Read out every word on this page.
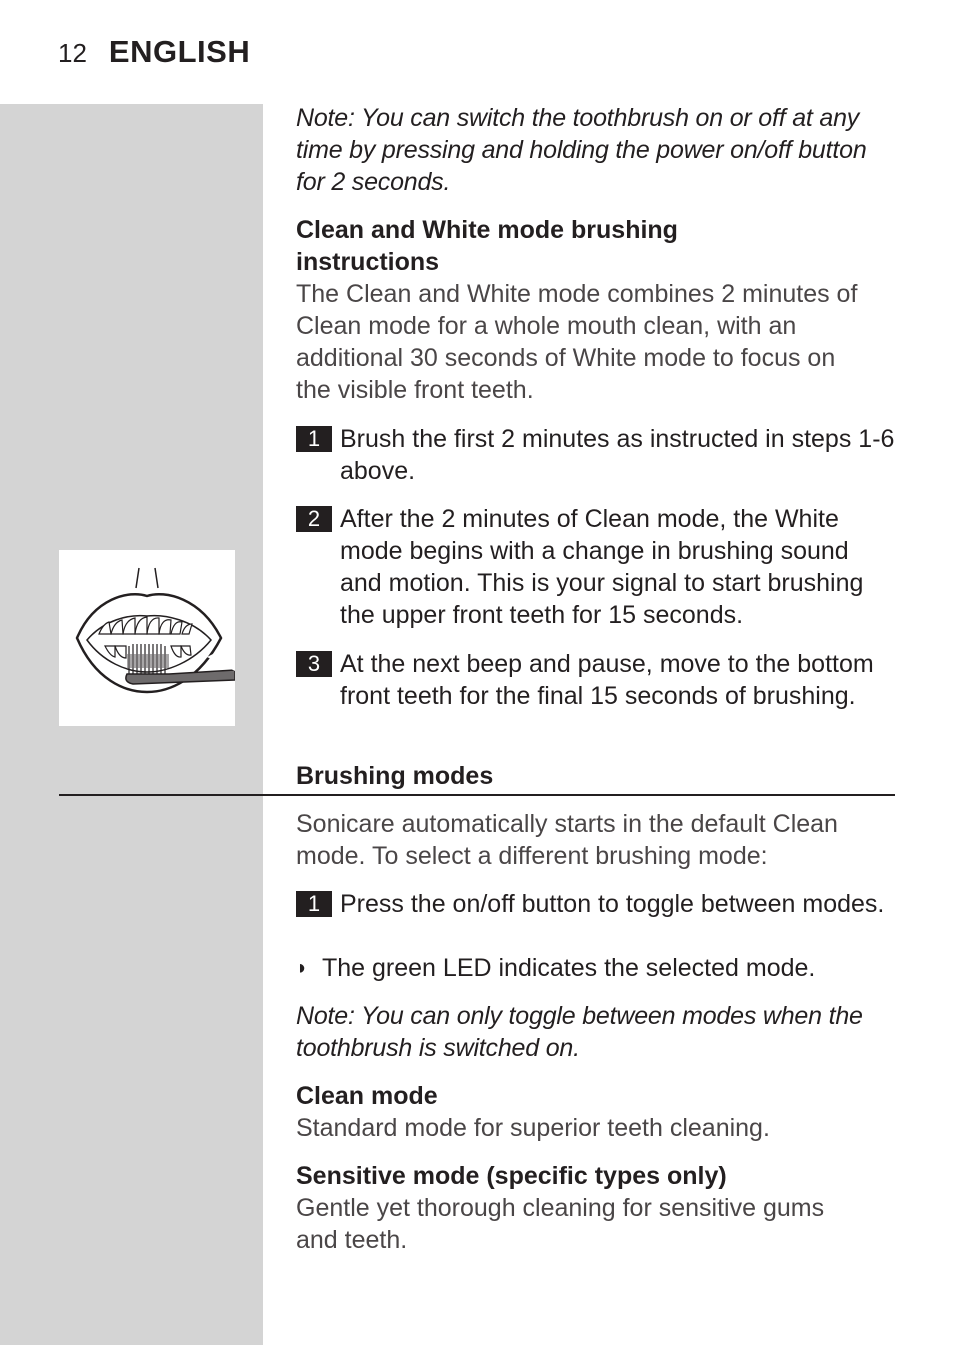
12 ENGLISH

Note: You can switch the toothbrush on or off at any time by pressing and holding the power on/off button for 2 seconds.

Clean and White mode brushing instructions

The Clean and White mode combines 2 minutes of Clean mode for a whole mouth clean, with an additional 30 seconds of White mode to focus on the visible front teeth.

1 Brush the first 2 minutes as instructed in steps 1-6 above.
2 After the 2 minutes of Clean mode, the White mode begins with a change in brushing sound and motion. This is your signal to start brushing the upper front teeth for 15 seconds.
3 At the next beep and pause, move to the bottom front teeth for the final 15 seconds of brushing.

Brushing modes

Sonicare automatically starts in the default Clean mode. To select a different brushing mode:

1 Press the on/off button to toggle between modes.
◗ The green LED indicates the selected mode.

Note: You can only toggle between modes when the toothbrush is switched on.

Clean mode

Standard mode for superior teeth cleaning.

Sensitive mode (specific types only)

Gentle yet thorough cleaning for sensitive gums and teeth.
